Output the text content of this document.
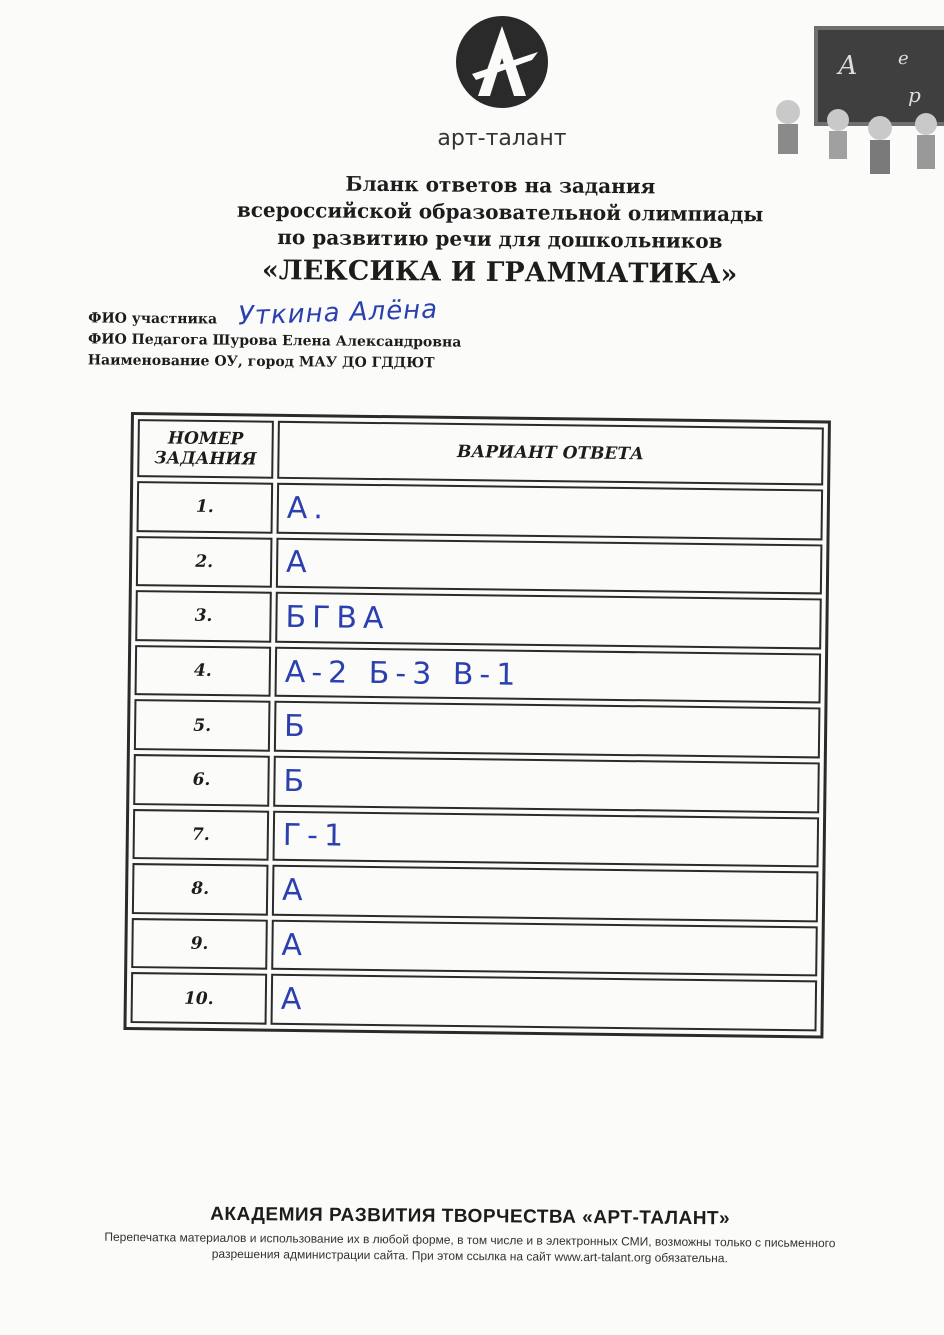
арт-талант
А е
р
Бланк ответов на задания
всероссийской образовательной олимпиады
по развитию речи для дошкольников
«ЛЕКСИКА И ГРАММАТИКА»
ФИО участника
ФИО Педагога Шурова Елена Александровна
Наименование ОУ, город МАУ ДО ГДДЮТ
Уткина Алёна
НОМЕР ЗАДАНИЯ	ВАРИАНТ ОТВЕТА
1.	А.
2.	А
3.	БГВА
4.	А-2 Б-3 В-1
5.	Б
6.	Б
7.	Г-1
8.	А
9.	А
10.	А
АКАДЕМИЯ РАЗВИТИЯ ТВОРЧЕСТВА «АРТ-ТАЛАНТ»
Перепечатка материалов и использование их в любой форме, в том числе и в электронных СМИ, возможны только с письменного разрешения администрации сайта. При этом ссылка на сайт www.art-talant.org обязательна.
